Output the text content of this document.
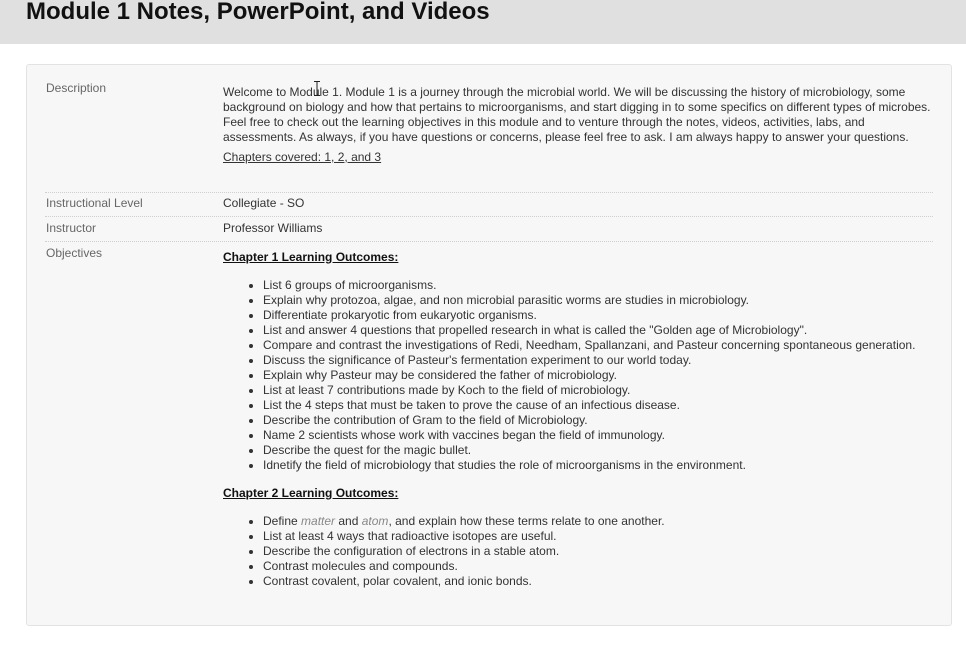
Module 1 Notes, PowerPoint, and Videos
Description	Welcome to Module 1. Module 1 is a journey through the microbial world. We will be discussing the history of microbiology, some background on biology and how that pertains to microorganisms, and start digging in to some specifics on different types of microbes. Feel free to check out the learning objectives in this module and to venture through the notes, videos, activities, labs, and assessments. As always, if you have questions or concerns, please feel free to ask. I am always happy to answer your questions.

Chapters covered: 1, 2, and 3
Instructional Level	Collegiate - SO
Instructor	Professor Williams
Objectives	Chapter 1 Learning Outcomes:

• List 6 groups of microorganisms.
• Explain why protozoa, algae, and non microbial parasitic worms are studies in microbiology.
• Differentiate prokaryotic from eukaryotic organisms.
• List and answer 4 questions that propelled research in what is called the "Golden age of Microbiology".
• Compare and contrast the investigations of Redi, Needham, Spallanzani, and Pasteur concerning spontaneous generation.
• Discuss the significance of Pasteur's fermentation experiment to our world today.
• Explain why Pasteur may be considered the father of microbiology.
• List at least 7 contributions made by Koch to the field of microbiology.
• List the 4 steps that must be taken to prove the cause of an infectious disease.
• Describe the contribution of Gram to the field of Microbiology.
• Name 2 scientists whose work with vaccines began the field of immunology.
• Describe the quest for the magic bullet.
• Idnetify the field of microbiology that studies the role of microorganisms in the environment.

Chapter 2 Learning Outcomes:

• Define matter and atom, and explain how these terms relate to one another.
• List at least 4 ways that radioactive isotopes are useful.
• Describe the configuration of electrons in a stable atom.
• Contrast molecules and compounds.
• Contrast covalent, polar covalent, and ionic bonds.
